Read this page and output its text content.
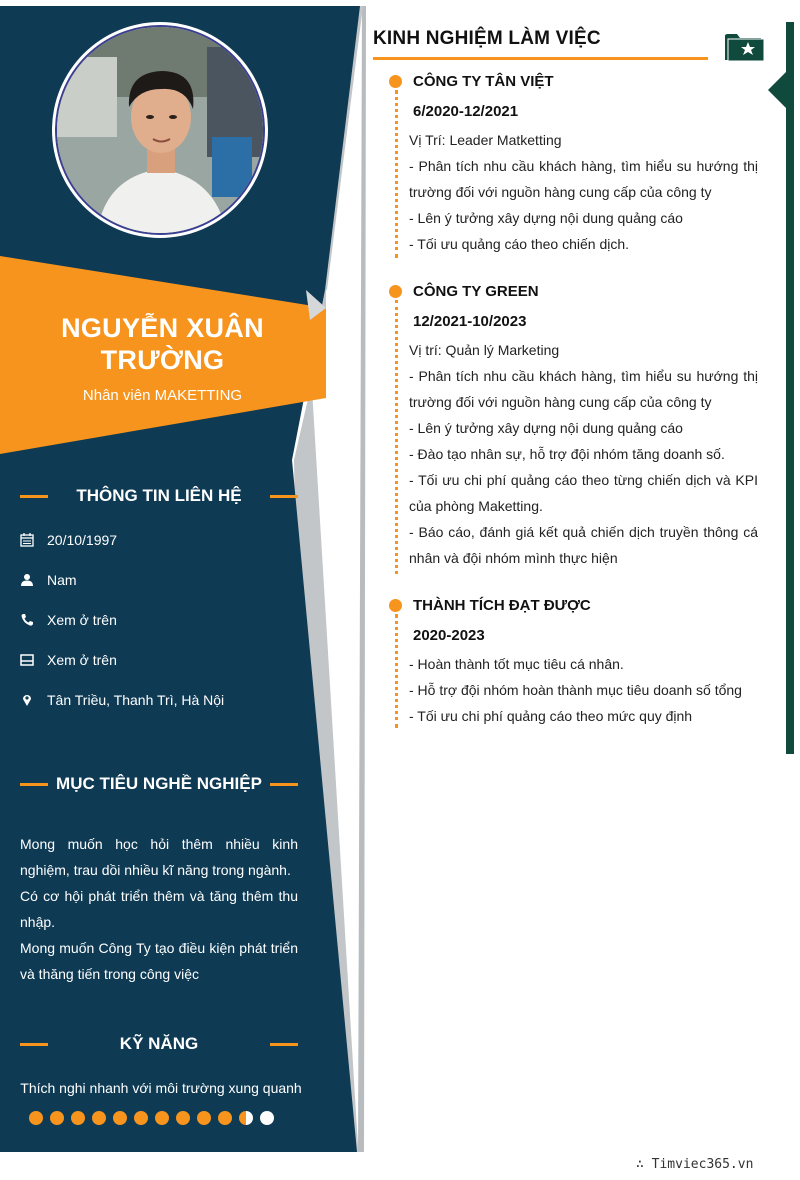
NGUYỄN XUÂN
TRƯỜNG
Nhân viên MAKETTING
THÔNG TIN LIÊN HỆ
20/10/1997
Nam
Xem ở trên
Xem ở trên
Tân Triều, Thanh Trì, Hà Nội
MỤC TIÊU NGHỀ NGHIỆP

Mong muốn học hỏi thêm nhiều kinh nghiệm, trau dồi nhiều kĩ năng trong ngành.

Có cơ hội phát triển thêm và tăng thêm thu nhập.

Mong muốn Công Ty tạo điều kiện phát triển và thăng tiến trong công việc

KỸ NĂNG
Thích nghi nhanh với môi trường xung quanh
KINH NGHIỆM LÀM VIỆC
CÔNG TY TÂN VIỆT
6/2020-12/2021

Vị Trí: Leader Matketting

- Phân tích nhu cầu khách hàng, tìm hiểu su hướng thị trường đối với nguồn hàng cung cấp của công ty

- Lên ý tưởng xây dựng nội dung quảng cáo

- Tối ưu quảng cáo theo chiến dịch.

CÔNG TY GREEN
12/2021-10/2023

Vị trí: Quản lý Marketing

- Phân tích nhu cầu khách hàng, tìm hiểu su hướng thị trường đối với nguồn hàng cung cấp của công ty

- Lên ý tưởng xây dựng nội dung quảng cáo

- Đào tạo nhân sự, hỗ trợ đội nhóm tăng doanh số.

- Tối ưu chi phí quảng cáo theo từng chiến dịch và KPI của phòng Maketting.

- Báo cáo, đánh giá kết quả chiến dịch truyền thông cá nhân và đội nhóm mình thực hiện

THÀNH TÍCH ĐẠT ĐƯỢC
2020-2023

- Hoàn thành tốt mục tiêu cá nhân.

- Hỗ trợ đội nhóm hoàn thành mục tiêu doanh số tổng

- Tối ưu chi phí quảng cáo theo mức quy định

∴ Timviec365.vn
